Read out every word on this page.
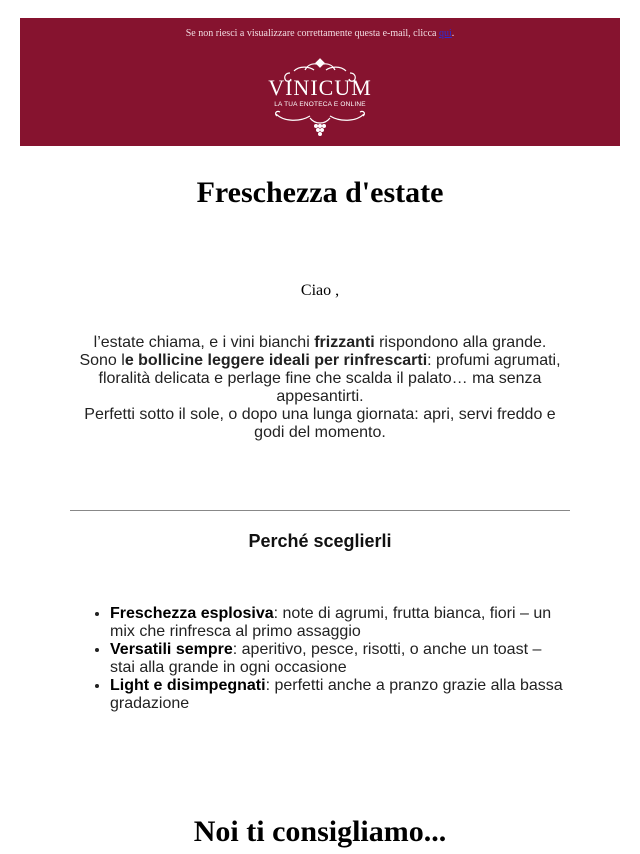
Se non riesci a visualizzare correttamente questa e-mail, clicca qui.
VINICUM
LA TUA ENOTECA E ONLINE
Freschezza d'estate
Ciao ,

l’estate chiama, e i vini bianchi frizzanti rispondono alla grande.

Sono le bollicine leggere ideali per rinfrescarti: profumi agrumati, floralità delicata e perlage fine che scalda il palato… ma senza appesantirti.

Perfetti sotto il sole, o dopo una lunga giornata: apri, servi freddo e godi del momento.

Perché sceglierli
• Freschezza esplosiva: note di agrumi, frutta bianca, fiori – un mix che rinfresca al primo assaggio
• Versatili sempre: aperitivo, pesce, risotti, o anche un toast – stai alla grande in ogni occasione
• Light e disimpegnati: perfetti anche a pranzo grazie alla bassa gradazione
Noi ti consigliamo...
